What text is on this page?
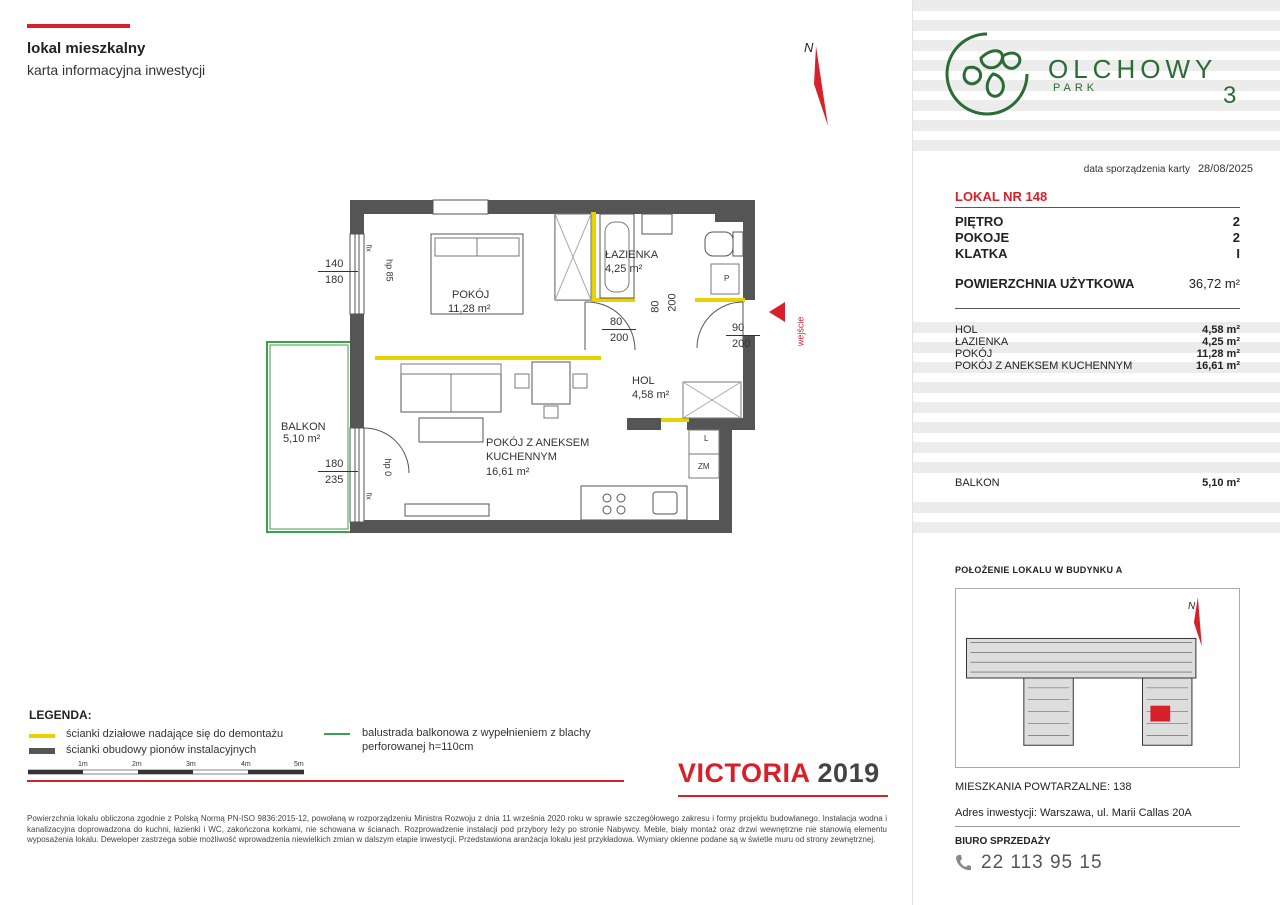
lokal mieszkalny
karta informacyjna inwestycji
N
POKÓJ
11,28 m²
ŁAZIENKA
4,25 m²
HOL
4,58 m²
POKÓJ Z ANEKSEM
KUCHENNYM
16,61 m²
BALKON
5,10 m²
140
180
180
235
80
200
80 200
90
200
hp 85
hp 0
fix
fix
L
ZM
P
wejście
LEGENDA:
ścianki działowe nadające się do demontażu
ścianki obudowy pionów instalacyjnych
balustrada balkonowa z wypełnieniem z blachy
perforowanej h=110cm
1m	2m	3m	4m	5m	VICTORIA 2019
Powierzchnia lokalu obliczona zgodnie z Polską Normą PN-ISO 9836:2015-12, powołaną w rozporządzeniu Ministra Rozwoju z dnia 11 września 2020 roku w sprawie szczegółowego zakresu i formy projektu budowlanego. Instalacja wodna i kanalizacyjna doprowadzona do kuchni, łazienki i WC, zakończona korkami, nie schowana w ścianach. Rozprowadzenie instalacji pod przybory leży po stronie Nabywcy. Meble, biały montaż oraz drzwi wewnętrzne nie stanowią elementu wyposażenia lokalu. Deweloper zastrzega sobie możliwość wprowadzenia niewielkich zmian w dalszym etapie inwestycji. Przedstawiona aranżacja lokalu jest przykładowa. Wymiary okienne podane są w świetle muru od strony zewnętrznej.
OLCHOWY
PARK	3
data sporządzenia karty 28/08/2025
LOKAL NR 148
PIĘTRO	2
POKOJE	2
KLATKA	I
POWIERZCHNIA UŻYTKOWA	36,72 m²
HOL	4,58 m²
ŁAZIENKA	4,25 m²
POKÓJ	11,28 m²
POKÓJ Z ANEKSEM KUCHENNYM	16,61 m²
BALKON	5,10 m²
POŁOŻENIE LOKALU W BUDYNKU A
N
MIESZKANIA POWTARZALNE: 138
Adres inwestycji: Warszawa, ul. Marii Callas 20A
BIURO SPRZEDAŻY
22 113 95 15
